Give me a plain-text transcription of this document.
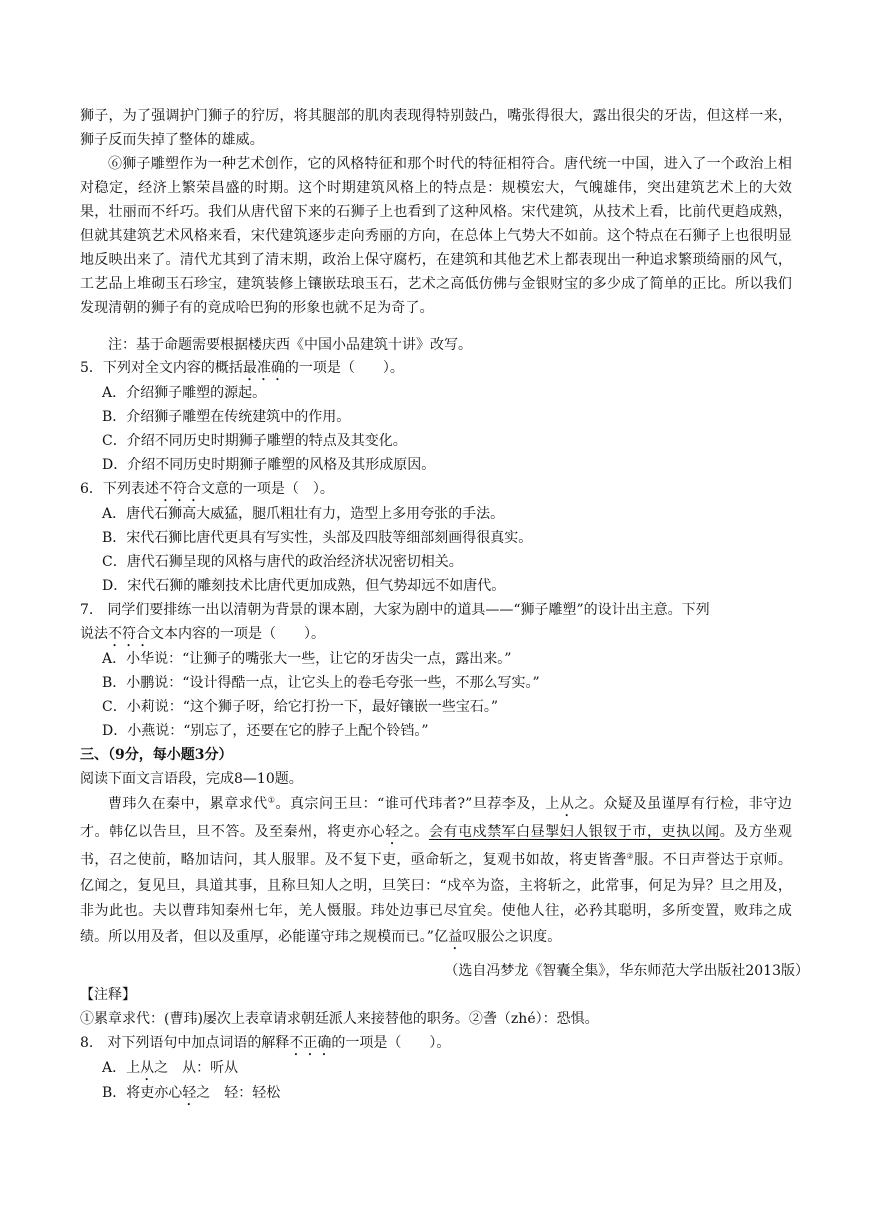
狮子，为了强调护门狮子的狞厉，将其腿部的肌肉表现得特别鼓凸，嘴张得很大，露出很尖的牙齿，但这样一来，狮子反而失掉了整体的雄威。

⑥狮子雕塑作为一种艺术创作，它的风格特征和那个时代的特征相符合。唐代统一中国，进入了一个政治上相对稳定，经济上繁荣昌盛的时期。这个时期建筑风格上的特点是：规模宏大，气魄雄伟，突出建筑艺术上的大效果，壮丽而不纤巧。我们从唐代留下来的石狮子上也看到了这种风格。宋代建筑，从技术上看，比前代更趋成熟，但就其建筑艺术风格来看，宋代建筑逐步走向秀丽的方向，在总体上气势大不如前。这个特点在石狮子上也很明显地反映出来了。清代尤其到了清末期，政治上保守腐朽，在建筑和其他艺术上都表现出一种追求繁琐绮丽的风气，工艺品上堆砌玉石珍宝，建筑装修上镶嵌珐琅玉石，艺术之高低仿佛与金银财宝的多少成了简单的正比。所以我们发现清朝的狮子有的竟成哈巴狗的形象也就不足为奇了。

注：基于命题需要根据楼庆西《中国小品建筑十讲》改写。
5．下列对全文内容的概括最准确的一项是（　　）。
A．介绍狮子雕塑的源起。
B．介绍狮子雕塑在传统建筑中的作用。
C．介绍不同历史时期狮子雕塑的特点及其变化。
D．介绍不同历史时期狮子雕塑的风格及其形成原因。
6．下列表述不符合文意的一项是（　）。
A．唐代石狮高大威猛，腿爪粗壮有力，造型上多用夸张的手法。
B．宋代石狮比唐代更具有写实性，头部及四肢等细部刻画得很真实。
C．唐代石狮呈现的风格与唐代的政治经济状况密切相关。
D．宋代石狮的雕刻技术比唐代更加成熟，但气势却远不如唐代。
7.　同学们要排练一出以清朝为背景的课本剧，大家为剧中的道具——“狮子雕塑”的设计出主意。下列
说法不符合文本内容的一项是（　　）。
A．小华说：“让狮子的嘴张大一些，让它的牙齿尖一点，露出来。”
B．小鹏说：“设计得酷一点，让它头上的卷毛夸张一些，不那么写实。”
C．小莉说：“这个狮子呀，给它打扮一下，最好镶嵌一些宝石。”
D．小燕说：“别忘了，还要在它的脖子上配个铃铛。”
三、（9分，每小题3分）
阅读下面文言语段，完成8—10题。

曹玮久在秦中，累章求代①。真宗问王旦：“谁可代玮者?”旦荐李及，上从之。众疑及虽谨厚有行检，非守边才。韩亿以告旦，旦不答。及至秦州，将吏亦心轻之。会有屯戍禁军白昼掣妇人银钗于市，吏执以闻。及方坐观书，召之使前，略加诘问，其人服罪。及不复下吏，亟命斩之，复观书如故，将吏皆詟②服。不日声誉达于京师。亿闻之，复见旦，具道其事，且称旦知人之明，旦笑曰：“戍卒为盗，主将斩之，此常事，何足为异？旦之用及，非为此也。夫以曹玮知秦州七年，羌人慑服。玮处边事已尽宜矣。使他人往，必矜其聪明，多所变置，败玮之成绩。所以用及者，但以及重厚，必能谨守玮之规模而已。”亿益叹服公之识度。

（选自冯梦龙《智囊全集》，华东师范大学出版社2013版）
【注释】
①累章求代：(曹玮)屡次上表章请求朝廷派人来接替他的职务。②詟（zhé）：恐惧。
8.　对下列语句中加点词语的解释不正确的一项是（　　）。
A．上从之　从：听从
B．将吏亦心轻之　轻：轻松
